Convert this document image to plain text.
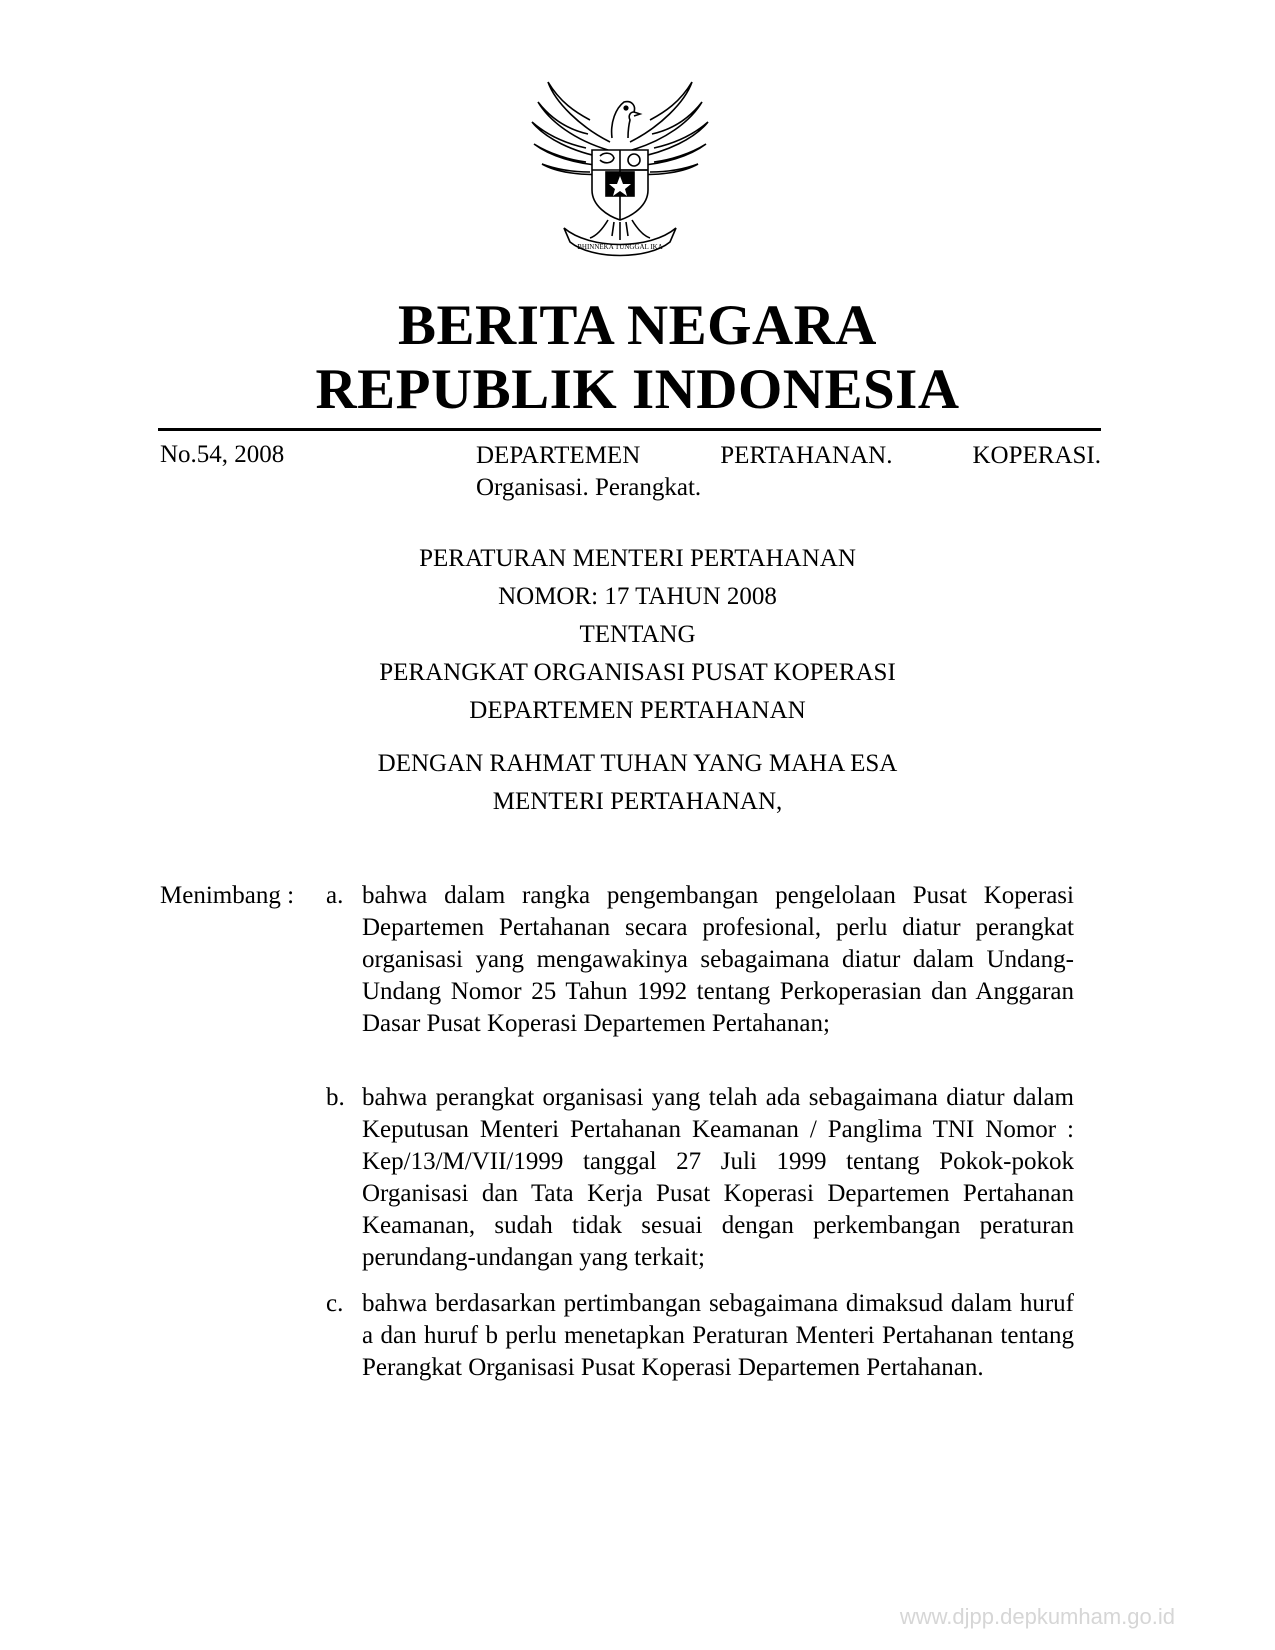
BHINNEKA TUNGGAL IKA
BERITA NEGARA
REPUBLIK INDONESIA
No.54, 2008	DEPARTEMEN PERTAHANAN. KOPERASI.
Organisasi. Perangkat.
PERATURAN MENTERI PERTAHANAN
NOMOR: 17 TAHUN 2008
TENTANG
PERANGKAT ORGANISASI PUSAT KOPERASI
DEPARTEMEN PERTAHANAN
DENGAN RAHMAT TUHAN YANG MAHA ESA
MENTERI PERTAHANAN,
Menimbang : a. bahwa dalam rangka pengembangan pengelolaan Pusat Koperasi Departemen Pertahanan secara profesional, perlu diatur perangkat organisasi yang mengawakinya sebagaimana diatur dalam Undang-Undang Nomor 25 Tahun 1992 tentang Perkoperasian dan Anggaran Dasar Pusat Koperasi Departemen Pertahanan;
b. bahwa perangkat organisasi yang telah ada sebagaimana diatur dalam Keputusan Menteri Pertahanan Keamanan / Panglima TNI Nomor : Kep/13/M/VII/1999 tanggal 27 Juli 1999 tentang Pokok-pokok Organisasi dan Tata Kerja Pusat Koperasi Departemen Pertahanan Keamanan, sudah tidak sesuai dengan perkembangan peraturan perundang-undangan yang terkait;
c. bahwa berdasarkan pertimbangan sebagaimana dimaksud dalam huruf a dan huruf b perlu menetapkan Peraturan Menteri Pertahanan tentang Perangkat Organisasi Pusat Koperasi Departemen Pertahanan.
www.djpp.depkumham.go.id
